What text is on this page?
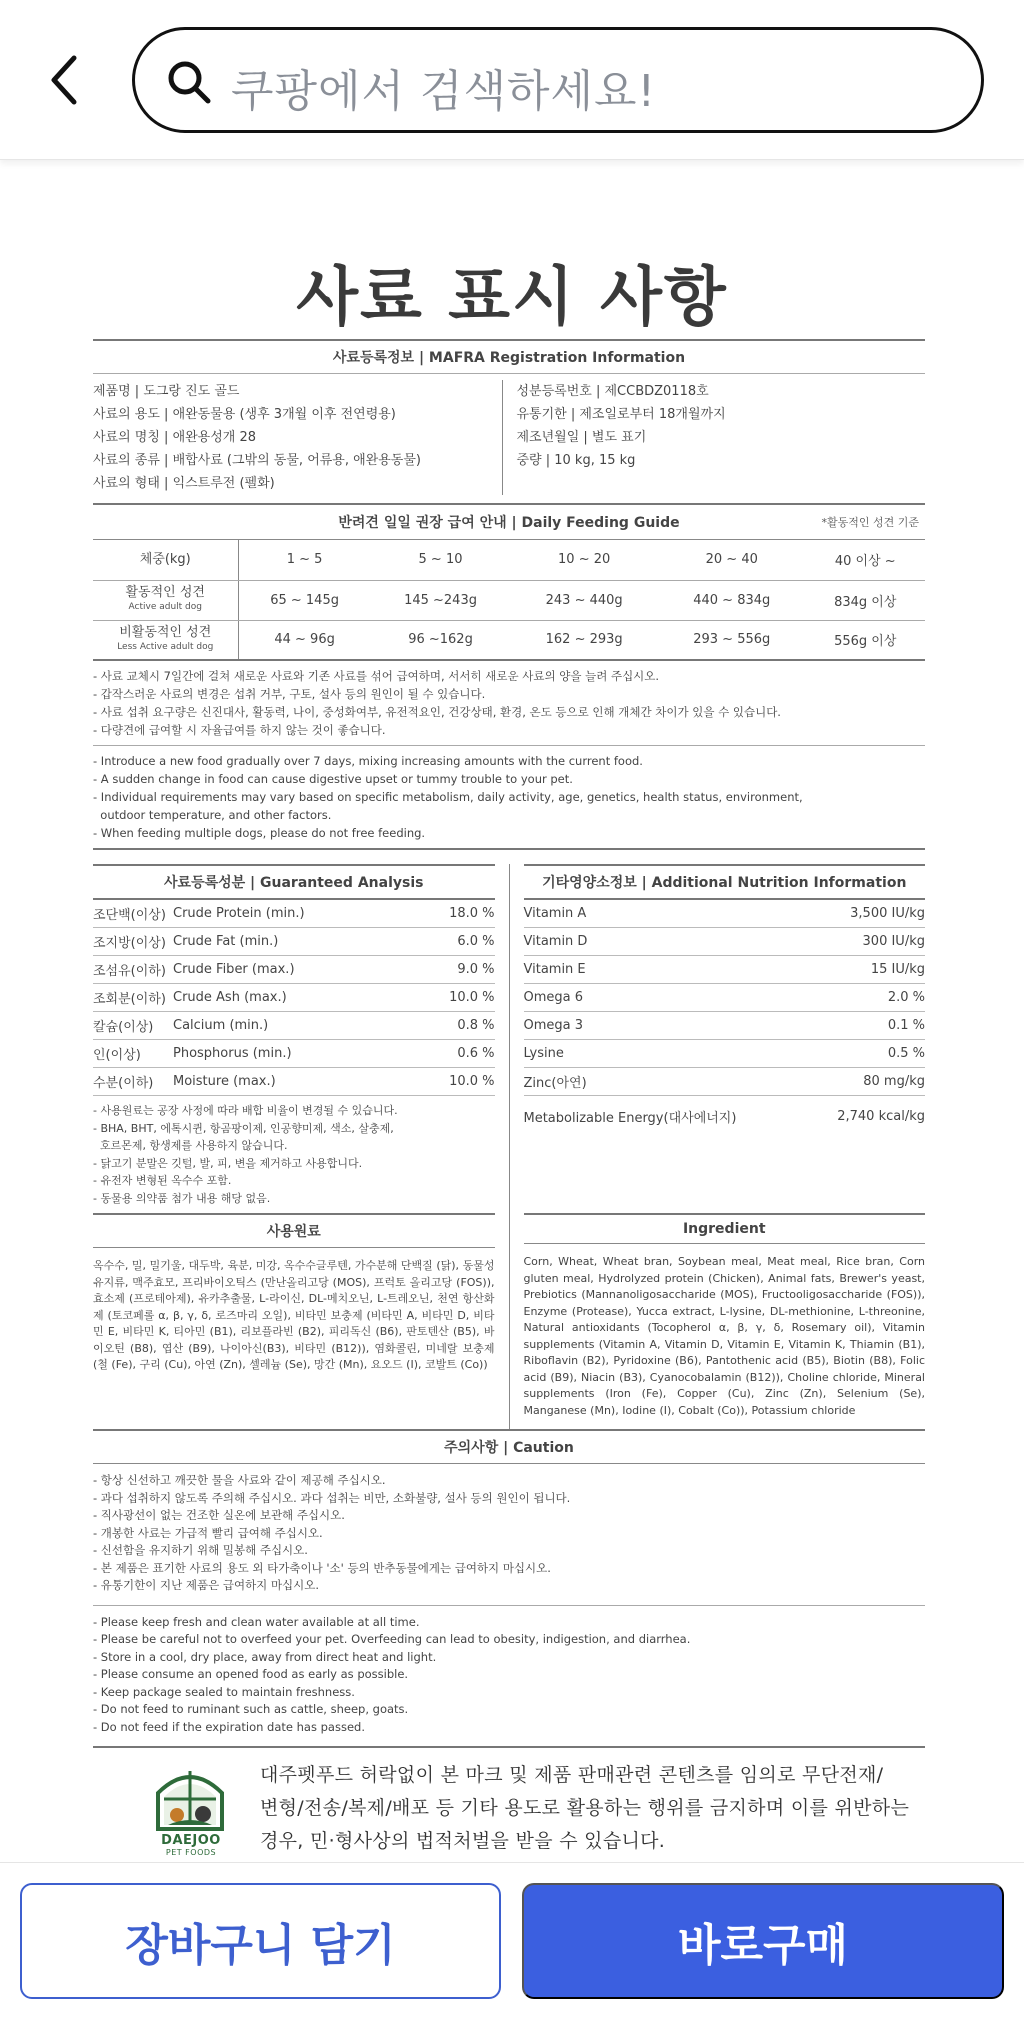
쿠팡에서 검색하세요!
사료 표시 사항
사료등록정보 | MAFRA Registration Information
제품명 | 도그랑 진도 골드
사료의 용도 | 애완동물용 (생후 3개월 이후 전연령용)
사료의 명칭 | 애완용성개 28
사료의 종류 | 배합사료 (그밖의 동물, 어류용, 애완용동물)
사료의 형태 | 익스트루전 (펠화)
성분등록번호 | 제CCBDZ0118호
유통기한 | 제조일로부터 18개월까지
제조년월일 | 별도 표기
중량 | 10 kg, 15 kg
반려견 일일 권장 급여 안내 | Daily Feeding Guide	*활동적인 성견 기준
체중(kg)	1 ~ 5	5 ~ 10	10 ~ 20	20 ~ 40	40 이상 ~

활동적인 성견
Active adult dog	65 ~ 145g	145 ~243g	243 ~ 440g	440 ~ 834g	834g 이상

비활동적인 성견
Less Active adult dog	44 ~ 96g	96 ~162g	162 ~ 293g	293 ~ 556g	556g 이상
- 사료 교체시 7일간에 걸쳐 새로운 사료와 기존 사료를 섞어 급여하며, 서서히 새로운 사료의 양을 늘려 주십시오.
- 갑작스러운 사료의 변경은 섭취 거부, 구토, 설사 등의 원인이 될 수 있습니다.
- 사료 섭취 요구량은 신진대사, 활동력, 나이, 중성화여부, 유전적요인, 건강상태, 환경, 온도 등으로 인해 개체간 차이가 있을 수 있습니다.
- 다량견에 급여할 시 자율급여를 하지 않는 것이 좋습니다.
- Introduce a new food gradually over 7 days, mixing increasing amounts with the current food.
- A sudden change in food can cause digestive upset or tummy trouble to your pet.
- Individual requirements may vary based on specific metabolism, daily activity, age, genetics, health status, environment,
outdoor temperature, and other factors.
- When feeding multiple dogs, please do not free feeding.
사료등록성분 | Guaranteed Analysis
조단백(이상) Crude Protein (min.)	18.0 %
조지방(이상) Crude Fat (min.)	6.0 %
조섬유(이하) Crude Fiber (max.)	9.0 %
조회분(이하) Crude Ash (max.)	10.0 %
칼슘(이상)	Calcium (min.)	0.8 %
인(이상)	Phosphorus (min.)	0.6 %
수분(이하)	Moisture (max.)	10.0 %
- 사용원료는 공장 사정에 따라 배합 비율이 변경될 수 있습니다.
- BHA, BHT, 에톡시퀸, 항곰팡이제, 인공향미제, 색소, 살충제,
호르몬제, 항생제를 사용하지 않습니다.
- 닭고기 분말은 깃털, 발, 피, 변을 제거하고 사용합니다.
- 유전자 변형된 옥수수 포함.
- 동물용 의약품 첨가 내용 해당 없음.
기타영양소정보 | Additional Nutrition Information
Vitamin A	3,500 IU/kg
Vitamin D	300 IU/kg
Vitamin E	15 IU/kg
Omega 6	2.0 %
Omega 3	0.1 %
Lysine	0.5 %
Zinc(아연)	80 mg/kg
Metabolizable Energy(대사에너지)	2,740 kcal/kg
사용원료
옥수수, 밀, 밀기울, 대두박, 육분, 미강, 옥수수글루텐, 가수분해 단백질 (닭), 동물성 유지류, 맥주효모, 프리바이오틱스 (만난올리고당 (MOS), 프럭토 올리고당 (FOS)), 효소제 (프로테아제), 유카추출물, L-라이신, DL-메치오닌, L-트레오닌, 천연 항산화제 (토코페롤 α, β, γ, δ, 로즈마리 오일), 비타민 보충제 (비타민 A, 비타민 D, 비타민 E, 비타민 K, 티아민 (B1), 리보플라빈 (B2), 피리독신 (B6), 판토텐산 (B5), 바이오틴 (B8), 엽산 (B9), 나이아신(B3), 비타민 (B12)), 염화콜린, 미네랄 보충제 (철 (Fe), 구리 (Cu), 아연 (Zn), 셀레늄 (Se), 망간 (Mn), 요오드 (I), 코발트 (Co))
Ingredient
Corn, Wheat, Wheat bran, Soybean meal, Meat meal, Rice bran, Corn gluten meal, Hydrolyzed protein (Chicken), Animal fats, Brewer's yeast, Prebiotics (Mannanoligosaccharide (MOS), Fructooligosaccharide (FOS)), Enzyme (Protease), Yucca extract, L-lysine, DL-methionine, L-threonine, Natural antioxidants (Tocopherol α, β, γ, δ, Rosemary oil), Vitamin supplements (Vitamin A, Vitamin D, Vitamin E, Vitamin K, Thiamin (B1), Riboflavin (B2), Pyridoxine (B6), Pantothenic acid (B5), Biotin (B8), Folic acid (B9), Niacin (B3), Cyanocobalamin (B12)), Choline chloride, Mineral supplements (Iron (Fe), Copper (Cu), Zinc (Zn), Selenium (Se), Manganese (Mn), Iodine (I), Cobalt (Co)), Potassium chloride
주의사항 | Caution
- 항상 신선하고 깨끗한 물을 사료와 같이 제공해 주십시오.
- 과다 섭취하지 않도록 주의해 주십시오. 과다 섭취는 비만, 소화불량, 설사 등의 원인이 됩니다.
- 직사광선이 없는 건조한 실온에 보관해 주십시오.
- 개봉한 사료는 가급적 빨리 급여해 주십시오.
- 신선함을 유지하기 위해 밀봉해 주십시오.
- 본 제품은 표기한 사료의 용도 외 타가축이나 '소' 등의 반추동물에게는 급여하지 마십시오.
- 유통기한이 지난 제품은 급여하지 마십시오.
- Please keep fresh and clean water available at all time.
- Please be careful not to overfeed your pet. Overfeeding can lead to obesity, indigestion, and diarrhea.
- Store in a cool, dry place, away from direct heat and light.
- Please consume an opened food as early as possible.
- Keep package sealed to maintain freshness.
- Do not feed to ruminant such as cattle, sheep, goats.
- Do not feed if the expiration date has passed.
DAEJOO
PET FOODS
대주펫푸드 허락없이 본 마크 및 제품 판매관련 콘텐츠를 임의로 무단전재/
변형/전송/복제/배포 등 기타 용도로 활용하는 행위를 금지하며 이를 위반하는
경우, 민·형사상의 법적처벌을 받을 수 있습니다.
장바구니 담기	바로구매
